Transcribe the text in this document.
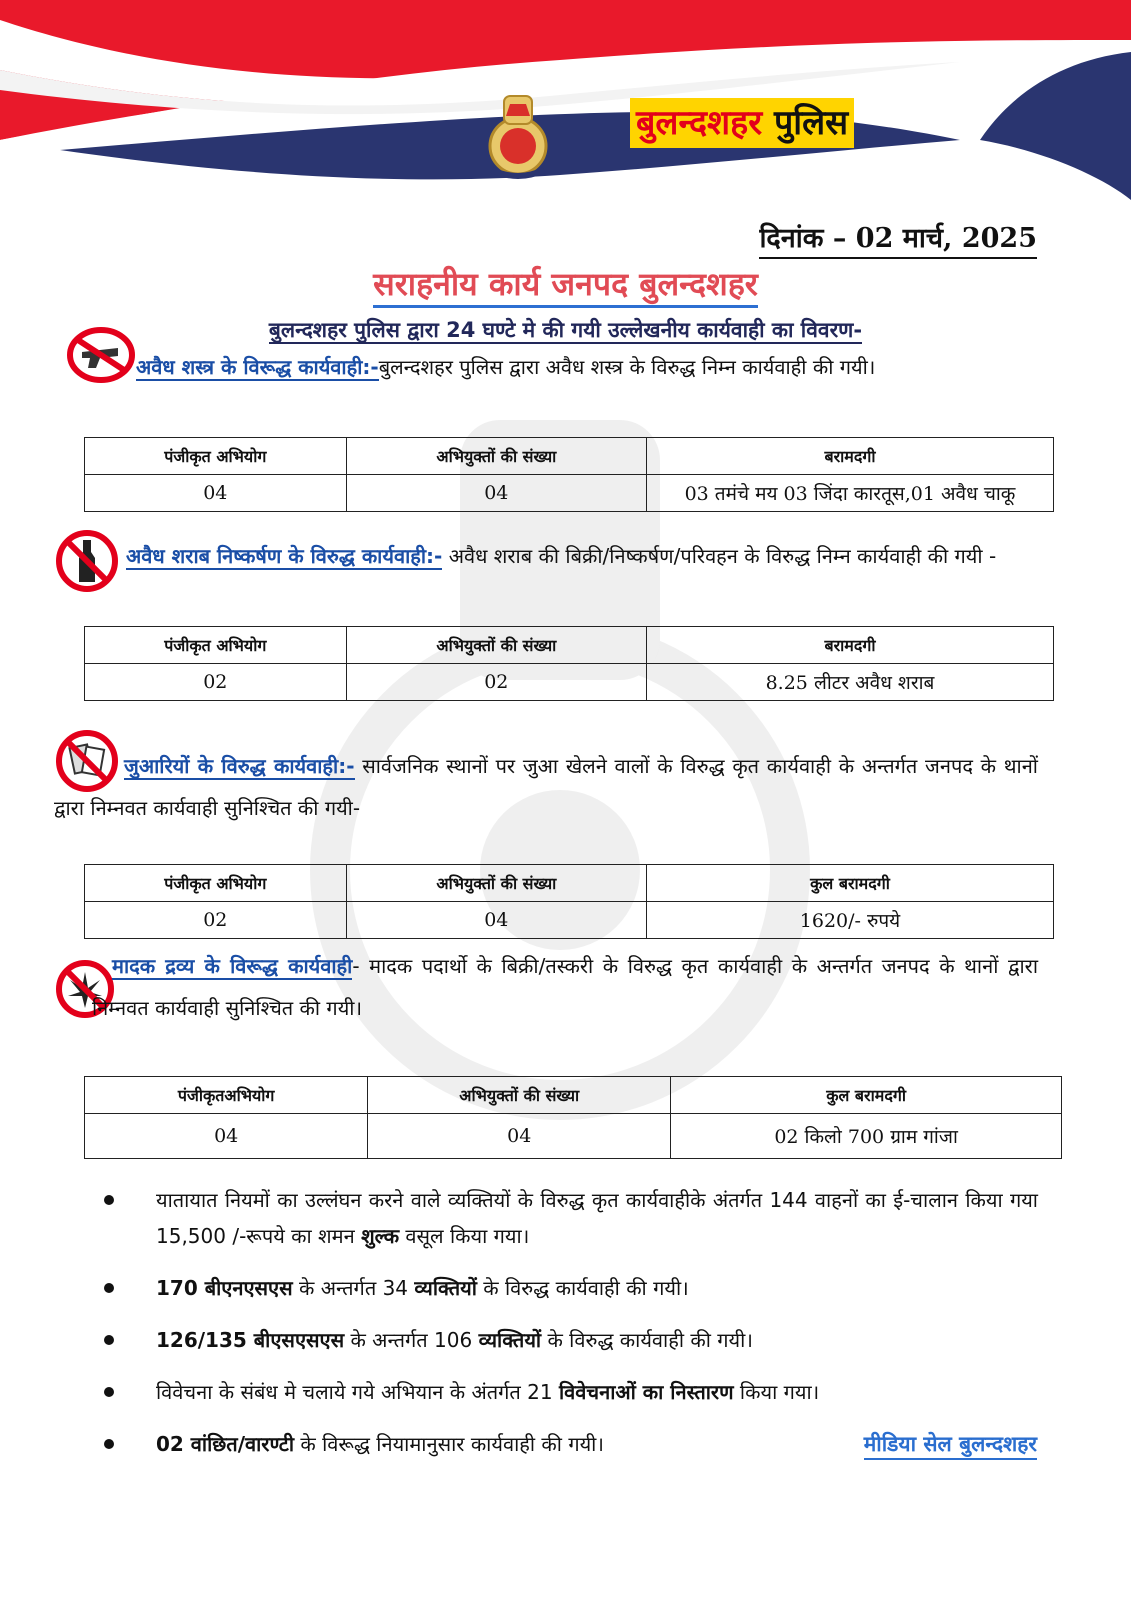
बुलन्दशहर पुलिस
दिनांक – 02 मार्च, 2025
सराहनीय कार्य जनपद बुलन्दशहर
बुलन्दशहर पुलिस द्वारा 24 घण्टे मे की गयी उल्लेखनीय कार्यवाही का विवरण-
अवैध शस्त्र के विरूद्ध कार्यवाही:-बुलन्दशहर पुलिस द्वारा अवैध शस्त्र के विरुद्ध निम्न कार्यवाही की गयी।
पंजीकृत अभियोग	अभियुक्तों की संख्या	बरामदगी
04	04	03 तमंचे मय 03 जिंदा कारतूस,01 अवैध चाकू
अवैध शराब निष्कर्षण के विरुद्ध कार्यवाही:- अवैध शराब की बिक्री/निष्कर्षण/परिवहन के विरुद्ध निम्न कार्यवाही की गयी -
पंजीकृत अभियोग	अभियुक्तों की संख्या	बरामदगी
02	02	8.25 लीटर अवैध शराब
जुआरियों के विरुद्ध कार्यवाही:- सार्वजनिक स्थानों पर जुआ खेलने वालों के विरुद्ध कृत कार्यवाही के अन्तर्गत जनपद के थानों द्वारा निम्नवत कार्यवाही सुनिश्चित की गयी-
पंजीकृत अभियोग	अभियुक्तों की संख्या	कुल बरामदगी
02	04	1620/- रुपये
मादक द्रव्य के विरूद्ध कार्यवाही- मादक पदार्थो के बिक्री/तस्करी के विरुद्ध कृत कार्यवाही के अन्तर्गत जनपद के थानों द्वारा निम्नवत कार्यवाही सुनिश्चित की गयी।
पंजीकृतअभियोग	अभियुक्तों की संख्या	कुल बरामदगी
04	04	02 किलो 700 ग्राम गांजा
यातायात नियमों का उल्लंघन करने वाले व्यक्तियों के विरुद्ध कृत कार्यवाहीके अंतर्गत 144 वाहनों का ई-चालान किया गया 15,500 /-रूपये का शमन शुल्क वसूल किया गया।
170 बीएनएसएस के अन्तर्गत 34 व्यक्तियों के विरुद्ध कार्यवाही की गयी।
126/135 बीएसएसएस के अन्तर्गत 106 व्यक्तियों के विरुद्ध कार्यवाही की गयी।
विवेचना के संबंध मे चलाये गये अभियान के अंतर्गत 21 विवेचनाओं का निस्तारण किया गया।
02 वांछित/वारण्टी के विरूद्ध नियामानुसार कार्यवाही की गयी।	मीडिया सेल बुलन्दशहर
